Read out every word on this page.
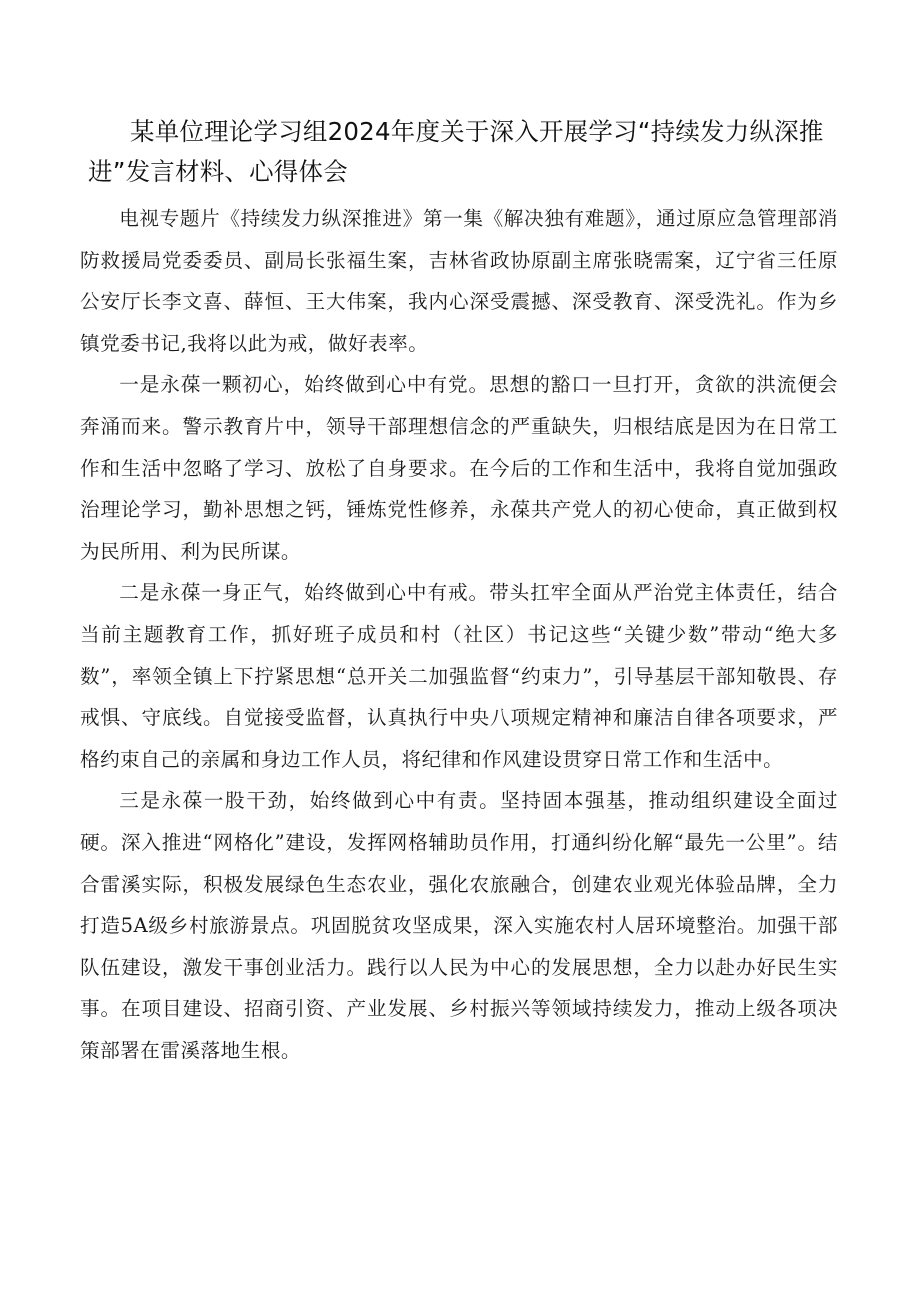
某单位理论学习组2024年度关于深入开展学习“持续发力纵深推进”发言材料、心得体会

电视专题片《持续发力纵深推进》第一集《解决独有难题》，通过原应急管理部消防救援局党委委员、副局长张福生案，吉林省政协原副主席张晓需案，辽宁省三任原公安厅长李文喜、薛恒、王大伟案，我内心深受震撼、深受教育、深受洗礼。作为乡镇党委书记,我将以此为戒，做好表率。

一是永葆一颗初心，始终做到心中有党。思想的豁口一旦打开，贪欲的洪流便会奔涌而来。警示教育片中，领导干部理想信念的严重缺失，归根结底是因为在日常工作和生活中忽略了学习、放松了自身要求。在今后的工作和生活中，我将自觉加强政治理论学习，勤补思想之钙，锤炼党性修养，永葆共产党人的初心使命，真正做到权为民所用、利为民所谋。

二是永葆一身正气，始终做到心中有戒。带头扛牢全面从严治党主体责任，结合当前主题教育工作，抓好班子成员和村（社区）书记这些“关键少数”带动“绝大多数”，率领全镇上下拧紧思想“总开关二加强监督“约束力”，引导基层干部知敬畏、存戒惧、守底线。自觉接受监督，认真执行中央八项规定精神和廉洁自律各项要求，严格约束自己的亲属和身边工作人员，将纪律和作风建设贯穿日常工作和生活中。

三是永葆一股干劲，始终做到心中有责。坚持固本强基，推动组织建设全面过硬。深入推进“网格化”建设，发挥网格辅助员作用，打通纠纷化解“最先一公里”。结合雷溪实际，积极发展绿色生态农业，强化农旅融合，创建农业观光体验品牌，全力打造5A级乡村旅游景点。巩固脱贫攻坚成果，深入实施农村人居环境整治。加强干部队伍建设，激发干事创业活力。践行以人民为中心的发展思想，全力以赴办好民生实事。在项目建设、招商引资、产业发展、乡村振兴等领域持续发力，推动上级各项决策部署在雷溪落地生根。
